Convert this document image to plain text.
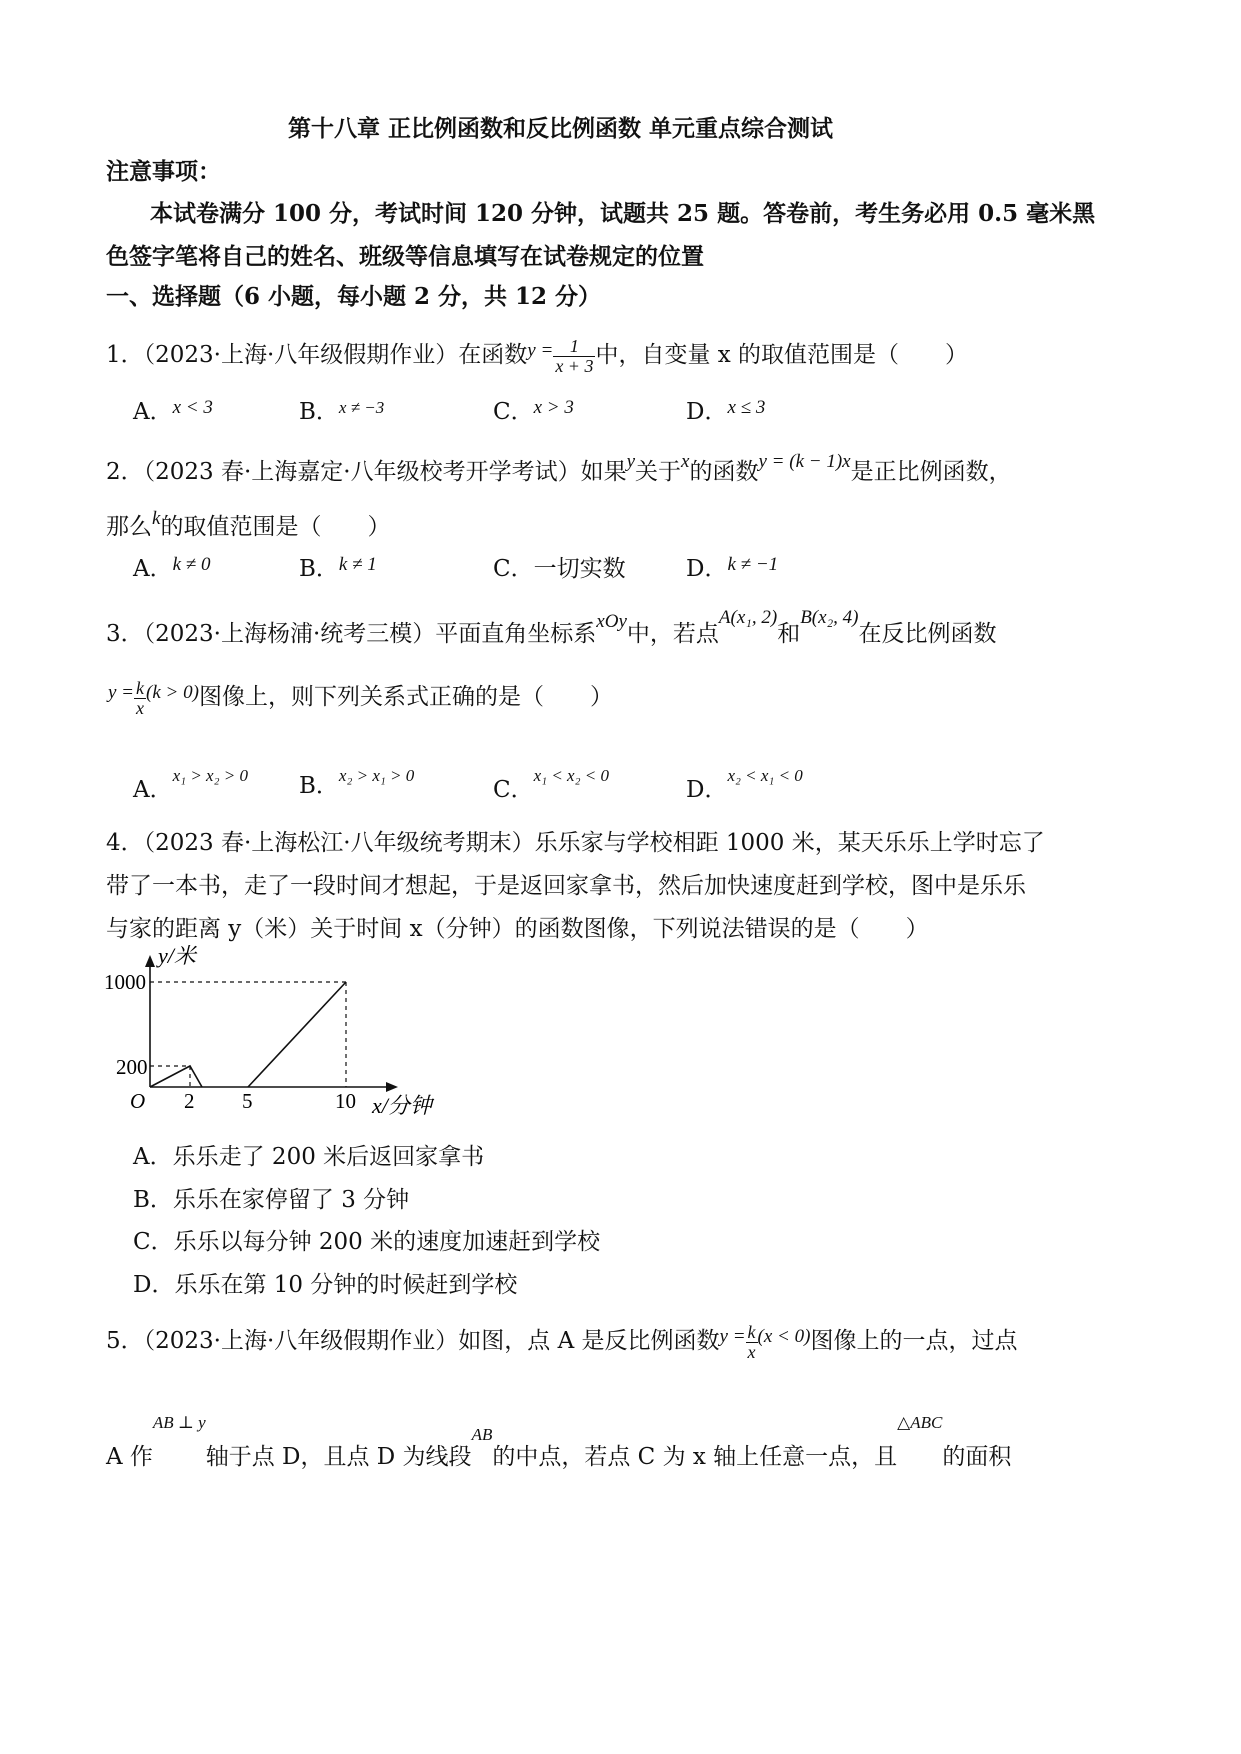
第十八章 正比例函数和反比例函数 单元重点综合测试
注意事项：
本试卷满分 100 分，考试时间 120 分钟，试题共 25 题。答卷前，考生务必用 0.5 毫米黑
色签字笔将自己的姓名、班级等信息填写在试卷规定的位置
一、选择题（6 小题，每小题 2 分，共 12 分）
1．（2023·上海·八年级假期作业）在函数$^{y =} \frac{1}{x + 3}$ 中，自变量 x 的取值范围是（　　）
A．$^{x < 3}$	B．$^{x \ne -3}$	C．$^{x > 3}$	D．$^{x \le 3}$
2．（2023 春·上海嘉定·八年级校考开学考试）如果$^y$关于$^x$的函数$^{y = (k - 1)x}$是正比例函数，
那么$^k$的取值范围是（　　）
A．$^{k \ne 0}$	B．$^{k \ne 1}$	C．一切实数	D．$^{k \ne -1}$
3．（2023·上海杨浦·统考三模）平面直角坐标系$^{xOy}$中，若点$^{A(x_1, 2)}$和$^{B(x_2, 4)}$在反比例函数
$^{y =} \frac{k}{x} ^{(k > 0)}$图像上，则下列关系式正确的是（　　）
A．$^{x_1 > x_2 > 0}$ B．$^{x_2 > x_1 > 0}$
C．$^{x_1 < x_2 < 0}$
D．$^{x_2 < x_1 < 0}$
4．（2023 春·上海松江·八年级统考期末）乐乐家与学校相距 1000 米，某天乐乐上学时忘了
带了一本书，走了一段时间才想起，于是返回家拿书，然后加快速度赶到学校，图中是乐乐
与家的距离 y（米）关于时间 x（分钟）的函数图像，下列说法错误的是（　　）
y/米
x/分钟
O
1000
200
2 5	10
A．乐乐走了 200 米后返回家拿书
B．乐乐在家停留了 3 分钟
C．乐乐以每分钟 200 米的速度加速赶到学校
D．乐乐在第 10 分钟的时候赶到学校
5．（2023·上海·八年级假期作业）如图，点 A 是反比例函数$^{y =} \frac{k}{x} ^{(x < 0)}$图像上的一点，过点
A 作$^{AB \perp y}$轴于点 D，且点 D 为线段$^{AB}$的中点，若点 C 为 x 轴上任意一点，且$^{\triangle ABC}$的面积
